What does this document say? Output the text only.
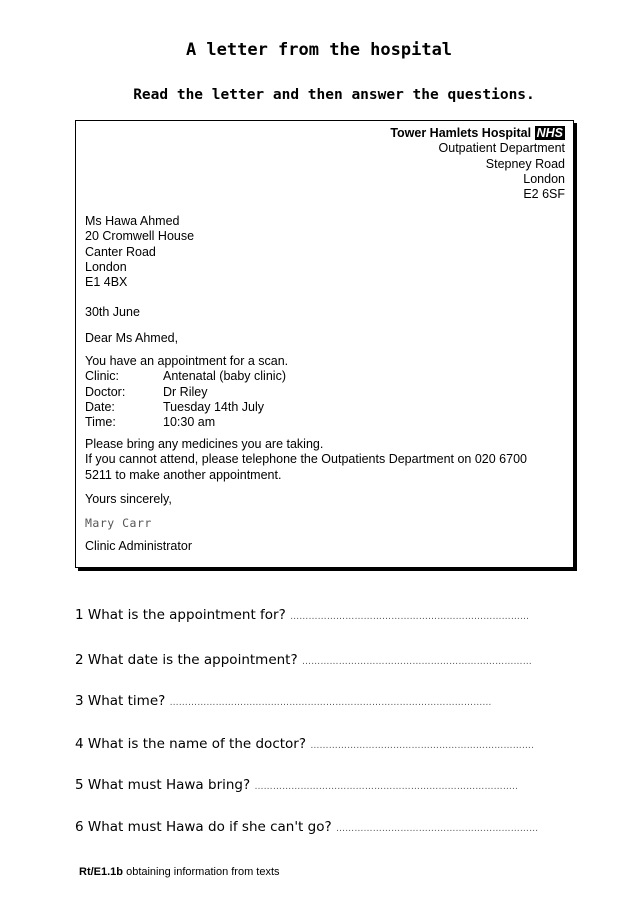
A letter from the hospital
Read the letter and then answer the questions.
Tower Hamlets Hospital NHS
Outpatient Department
Stepney Road
London
E2 6SF
Ms Hawa Ahmed
20 Cromwell House
Canter Road
London
E1 4BX
30th June
Dear Ms Ahmed,
You have an appointment for a scan.
Clinic:	Antenatal (baby clinic)
Doctor:	Dr Riley
Date:	Tuesday 14th July
Time:	10:30 am
Please bring any medicines you are taking.
If you cannot attend, please telephone the Outpatients Department on 020 6700
5211 to make another appointment.
Yours sincerely,
Mary Carr
Clinic Administrator
1 What is the appointment for? ……………………………………………………………………
2 What date is the appointment? …………………………………………………………………
3 What time? ……………………………………………………………………………………………
4 What is the name of the doctor? ……………………………………………………………….
5 What must Hawa bring? …………………………………………………………………………..
6 What must Hawa do if she can't go? …………………………………………………………
Rt/E1.1b obtaining information from texts
